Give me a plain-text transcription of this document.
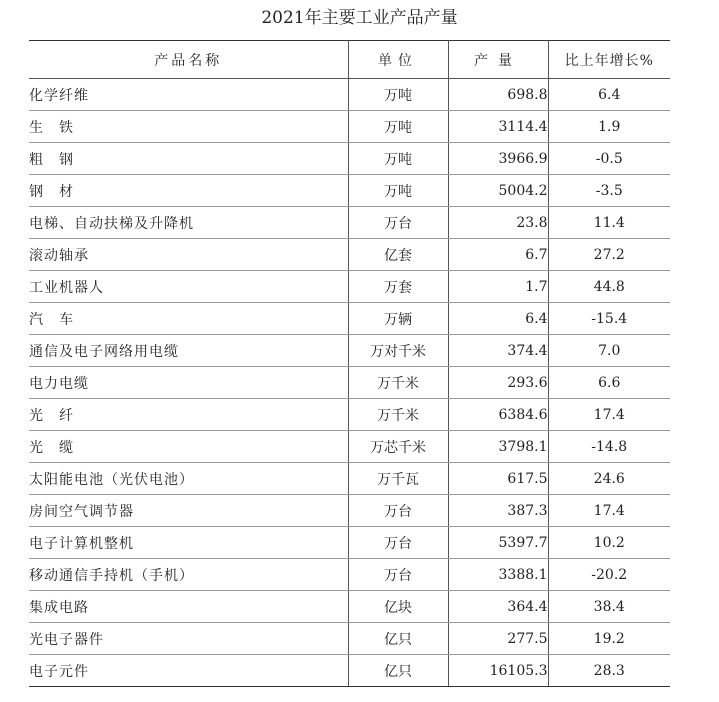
2021年主要工业产品产量
产品名称	单位	产量	比上年增长%
化学纤维	万吨	698.8	6.4
生　铁	万吨	3114.4	1.9
粗　钢	万吨	3966.9	-0.5
钢　材	万吨	5004.2	-3.5
电梯、自动扶梯及升降机	万台	23.8	11.4
滚动轴承	亿套	6.7	27.2
工业机器人	万套	1.7	44.8
汽　车	万辆	6.4	-15.4
通信及电子网络用电缆	万对千米	374.4	7.0
电力电缆	万千米	293.6	6.6
光　纤	万千米	6384.6	17.4
光　缆	万芯千米	3798.1	-14.8
太阳能电池（光伏电池）	万千瓦	617.5	24.6
房间空气调节器	万台	387.3	17.4
电子计算机整机	万台	5397.7	10.2
移动通信手持机（手机）	万台	3388.1	-20.2
集成电路	亿块	364.4	38.4
光电子器件	亿只	277.5	19.2
电子元件	亿只	16105.3	28.3
